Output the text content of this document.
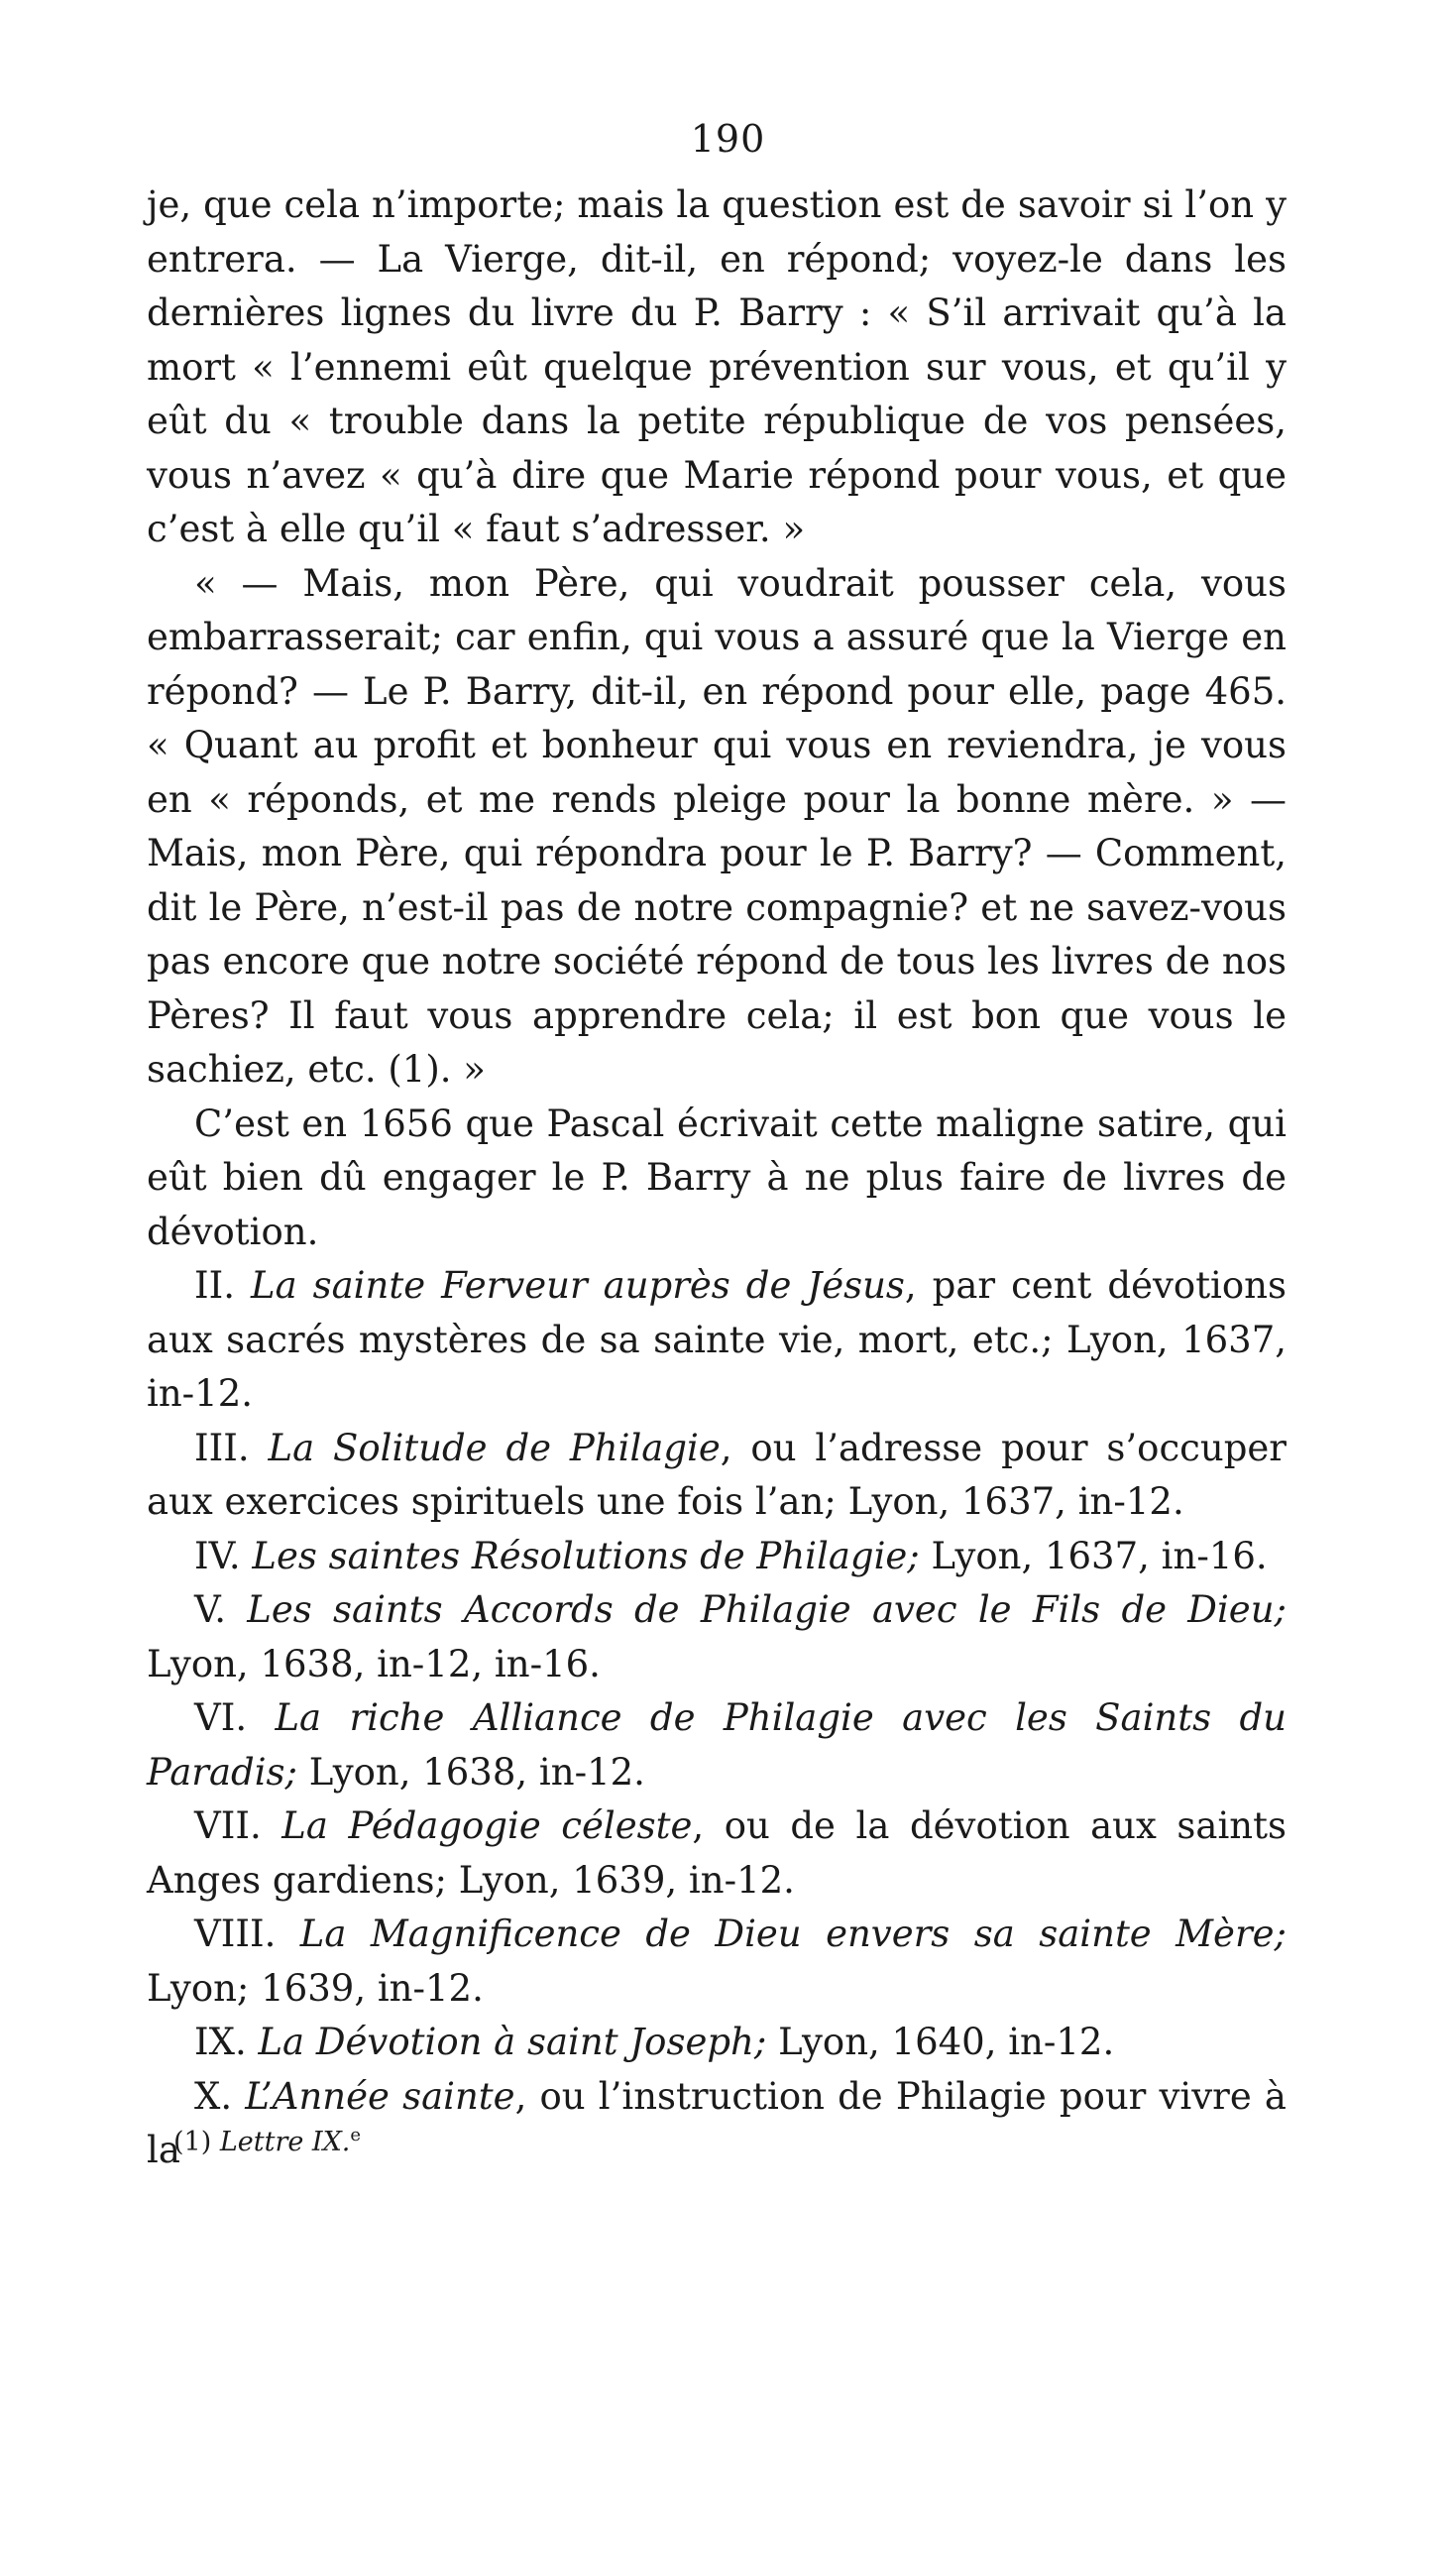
190

je, que cela n’importe; mais la question est de savoir si l’on y entrera. — La Vierge, dit-il, en répond; voyez-le dans les dernières lignes du livre du P. Barry : « S’il arrivait qu’à la mort « l’ennemi eût quelque prévention sur vous, et qu’il y eût du « trouble dans la petite république de vos pensées, vous n’avez « qu’à dire que Marie répond pour vous, et que c’est à elle qu’il « faut s’adresser. »

« — Mais, mon Père, qui voudrait pousser cela, vous embarrasserait; car enfin, qui vous a assuré que la Vierge en répond? — Le P. Barry, dit-il, en répond pour elle, page 465. « Quant au profit et bonheur qui vous en reviendra, je vous en « réponds, et me rends pleige pour la bonne mère. » — Mais, mon Père, qui répondra pour le P. Barry? — Comment, dit le Père, n’est-il pas de notre compagnie? et ne savez-vous pas encore que notre société répond de tous les livres de nos Pères? Il faut vous apprendre cela; il est bon que vous le sachiez, etc. (1). »

C’est en 1656 que Pascal écrivait cette maligne satire, qui eût bien dû engager le P. Barry à ne plus faire de livres de dévotion.

II. La sainte Ferveur auprès de Jésus, par cent dévotions aux sacrés mystères de sa sainte vie, mort, etc.; Lyon, 1637, in-12.

III. La Solitude de Philagie, ou l’adresse pour s’occuper aux exercices spirituels une fois l’an; Lyon, 1637, in-12.

IV. Les saintes Résolutions de Philagie; Lyon, 1637, in-16.

V. Les saints Accords de Philagie avec le Fils de Dieu; Lyon, 1638, in-12, in-16.

VI. La riche Alliance de Philagie avec les Saints du Paradis; Lyon, 1638, in-12.

VII. La Pédagogie céleste, ou de la dévotion aux saints Anges gardiens; Lyon, 1639, in-12.

VIII. La Magnificence de Dieu envers sa sainte Mère; Lyon; 1639, in-12.

IX. La Dévotion à saint Joseph; Lyon, 1640, in-12.

X. L’Année sainte, ou l’instruction de Philagie pour vivre à la

(1) Lettre IX.$^e$
